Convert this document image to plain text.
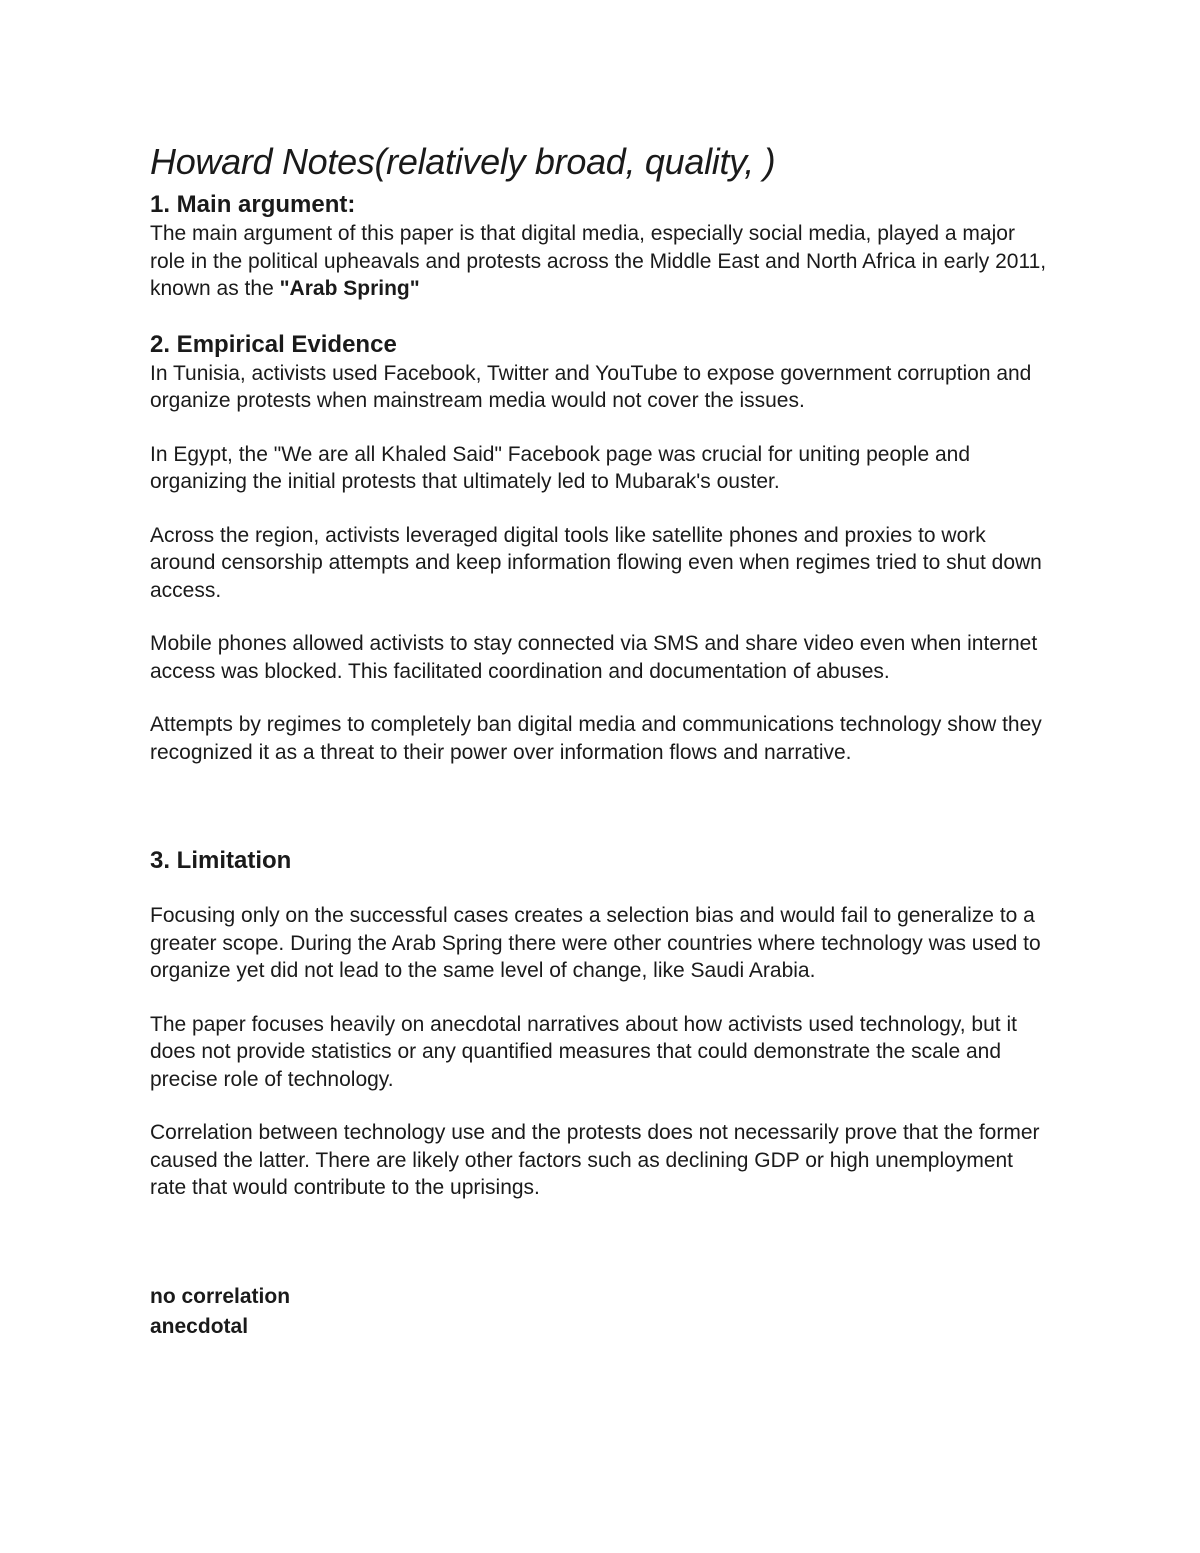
Howard Notes(relatively broad, quality, )
1. Main argument:

The main argument of this paper is that digital media, especially social media, played a major role in the political upheavals and protests across the Middle East and North Africa in early 2011, known as the "Arab Spring"

2. Empirical Evidence

In Tunisia, activists used Facebook, Twitter and YouTube to expose government corruption and organize protests when mainstream media would not cover the issues.

In Egypt, the "We are all Khaled Said" Facebook page was crucial for uniting people and organizing the initial protests that ultimately led to Mubarak's ouster.

Across the region, activists leveraged digital tools like satellite phones and proxies to work around censorship attempts and keep information flowing even when regimes tried to shut down access.

Mobile phones allowed activists to stay connected via SMS and share video even when internet access was blocked. This facilitated coordination and documentation of abuses.

Attempts by regimes to completely ban digital media and communications technology show they recognized it as a threat to their power over information flows and narrative.

3. Limitation

Focusing only on the successful cases creates a selection bias and would fail to generalize to a greater scope. During the Arab Spring there were other countries where technology was used to organize yet did not lead to the same level of change, like Saudi Arabia.

The paper focuses heavily on anecdotal narratives about how activists used technology, but it does not provide statistics or any quantified measures that could demonstrate the scale and precise role of technology.

Correlation between technology use and the protests does not necessarily prove that the former caused the latter. There are likely other factors such as declining GDP or high unemployment rate that would contribute to the uprisings.

no correlation

anecdotal
